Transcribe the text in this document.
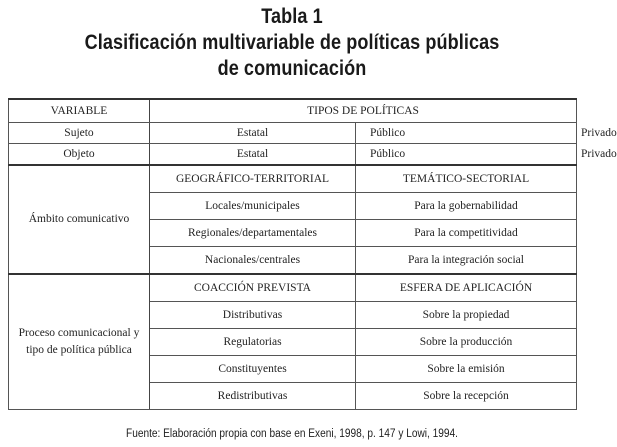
Tabla 1
Clasificación multivariable de políticas públicas
de comunicación
VARIABLE	TIPOS DE POLÍTICAS		
Sujeto	Estatal	Público	Privado
Objeto	Estatal	Público	Privado
Ámbito comunicativo	GEOGRÁFICO-TERRITORIAL	TEMÁTICO-SECTORIAL
	Locales/municipales	Para la gobernabilidad
	Regionales/departamentales	Para la competitividad
	Nacionales/centrales	Para la integración social
Proceso comunicacional y tipo de política pública	COACCIÓN PREVISTA	ESFERA DE APLICACIÓN
	Distributivas	Sobre la propiedad
	Regulatorias	Sobre la producción
	Constituyentes	Sobre la emisión
	Redistributivas	Sobre la recepción
Fuente: Elaboración propia con base en Exeni, 1998, p. 147 y Lowi, 1994.
